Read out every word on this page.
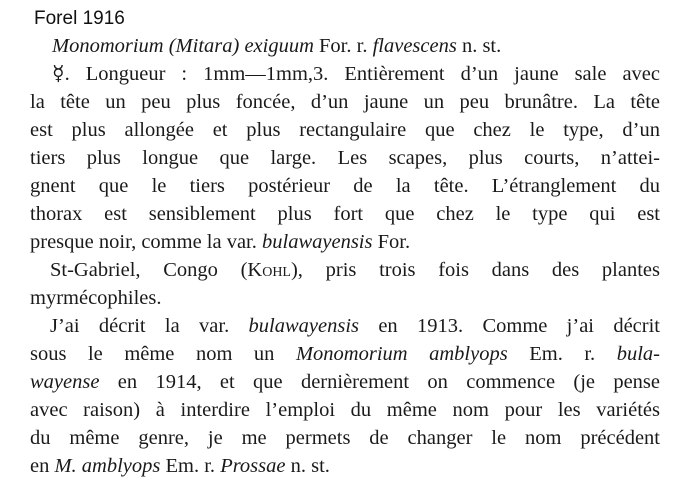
Forel 1916
Monomorium (Mitara) exiguum For. r. flavescens n. st.
☿. Longueur : 1mm—1mm,3. Entièrement d’un jaune sale avec
la tête un peu plus foncée, d’un jaune un peu brunâtre. La tête
est plus allongée et plus rectangulaire que chez le type, d’un
tiers plus longue que large. Les scapes, plus courts, n’attei-
gnent que le tiers postérieur de la tête. L’étranglement du
thorax est sensiblement plus fort que chez le type qui est
presque noir, comme la var. bulawayensis For.
St-Gabriel, Congo (Kohl), pris trois fois dans des plantes
myrmécophiles.
J’ai décrit la var. bulawayensis en 1913. Comme j’ai décrit
sous le même nom un Monomorium amblyops Em. r. bula-
wayense en 1914, et que dernièrement on commence (je pense
avec raison) à interdire l’emploi du même nom pour les variétés
du même genre, je me permets de changer le nom précédent
en M. amblyops Em. r. Prossae n. st.
